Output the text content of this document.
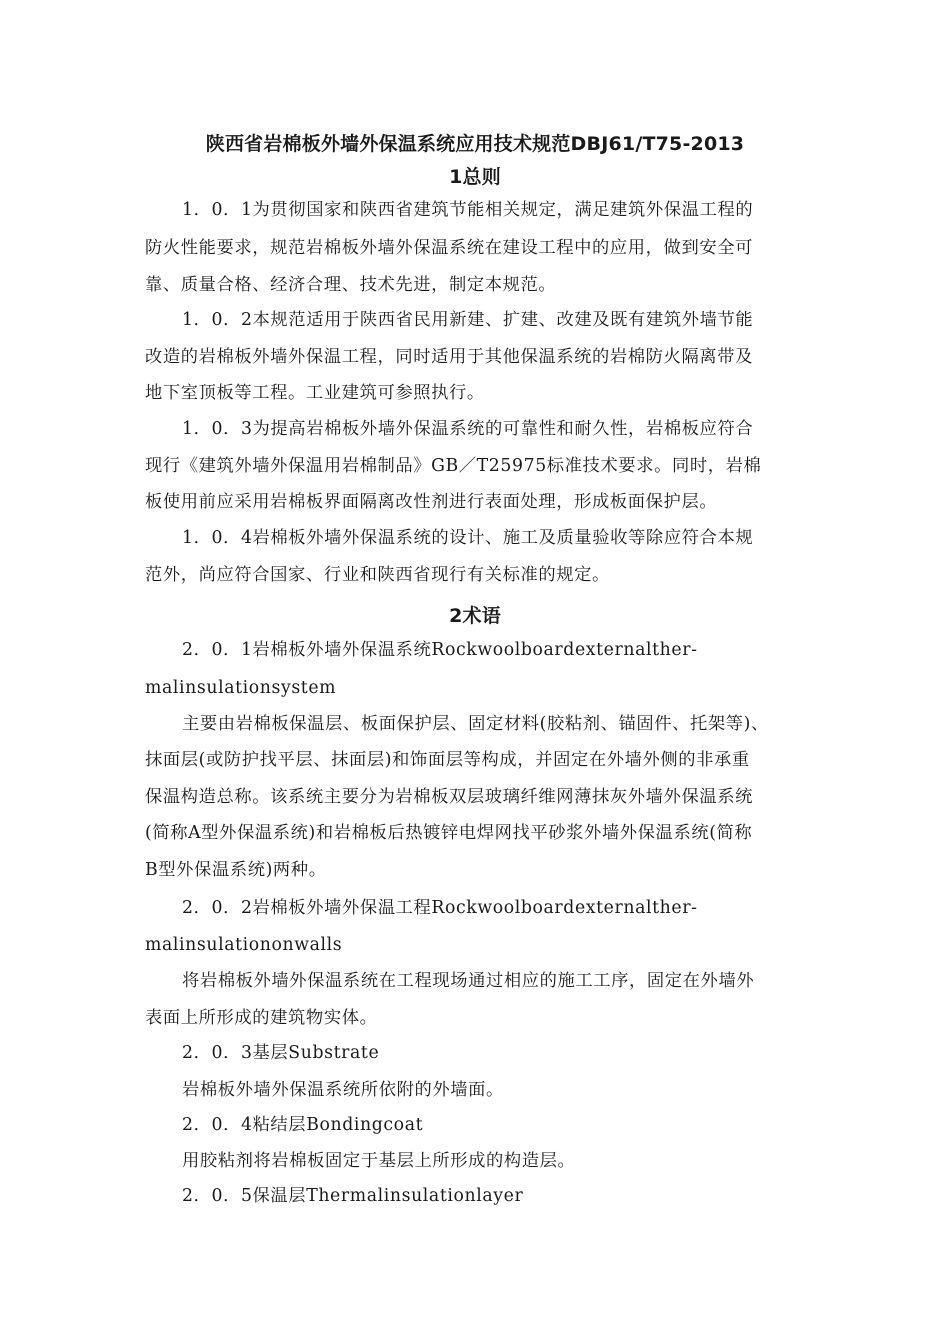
陕西省岩棉板外墙外保温系统应用技术规范DBJ61/T75-2013
1总则
1．0．1为贯彻国家和陕西省建筑节能相关规定，满足建筑外保温工程的
防火性能要求，规范岩棉板外墙外保温系统在建设工程中的应用，做到安全可
靠、质量合格、经济合理、技术先进，制定本规范。
1．0．2本规范适用于陕西省民用新建、扩建、改建及既有建筑外墙节能
改造的岩棉板外墙外保温工程，同时适用于其他保温系统的岩棉防火隔离带及
地下室顶板等工程。工业建筑可参照执行。
1．0．3为提高岩棉板外墙外保温系统的可靠性和耐久性，岩棉板应符合
现行《建筑外墙外保温用岩棉制品》GB／T25975标准技术要求。同时，岩棉
板使用前应采用岩棉板界面隔离改性剂进行表面处理，形成板面保护层。
1．0．4岩棉板外墙外保温系统的设计、施工及质量验收等除应符合本规
范外，尚应符合国家、行业和陕西省现行有关标准的规定。
2术语
2．0．1岩棉板外墙外保温系统Rockwoolboardexternalther-
malinsulationsystem
主要由岩棉板保温层、板面保护层、固定材料(胶粘剂、锚固件、托架等)、
抹面层(或防护找平层、抹面层)和饰面层等构成，并固定在外墙外侧的非承重
保温构造总称。该系统主要分为岩棉板双层玻璃纤维网薄抹灰外墙外保温系统
(简称A型外保温系统)和岩棉板后热镀锌电焊网找平砂浆外墙外保温系统(简称
B型外保温系统)两种。
2．0．2岩棉板外墙外保温工程Rockwoolboardexternalther-
malinsulationonwalls
将岩棉板外墙外保温系统在工程现场通过相应的施工工序，固定在外墙外
表面上所形成的建筑物实体。
2．0．3基层Substrate
岩棉板外墙外保温系统所依附的外墙面。
2．0．4粘结层Bondingcoat
用胶粘剂将岩棉板固定于基层上所形成的构造层。
2．0．5保温层Thermalinsulationlayer
